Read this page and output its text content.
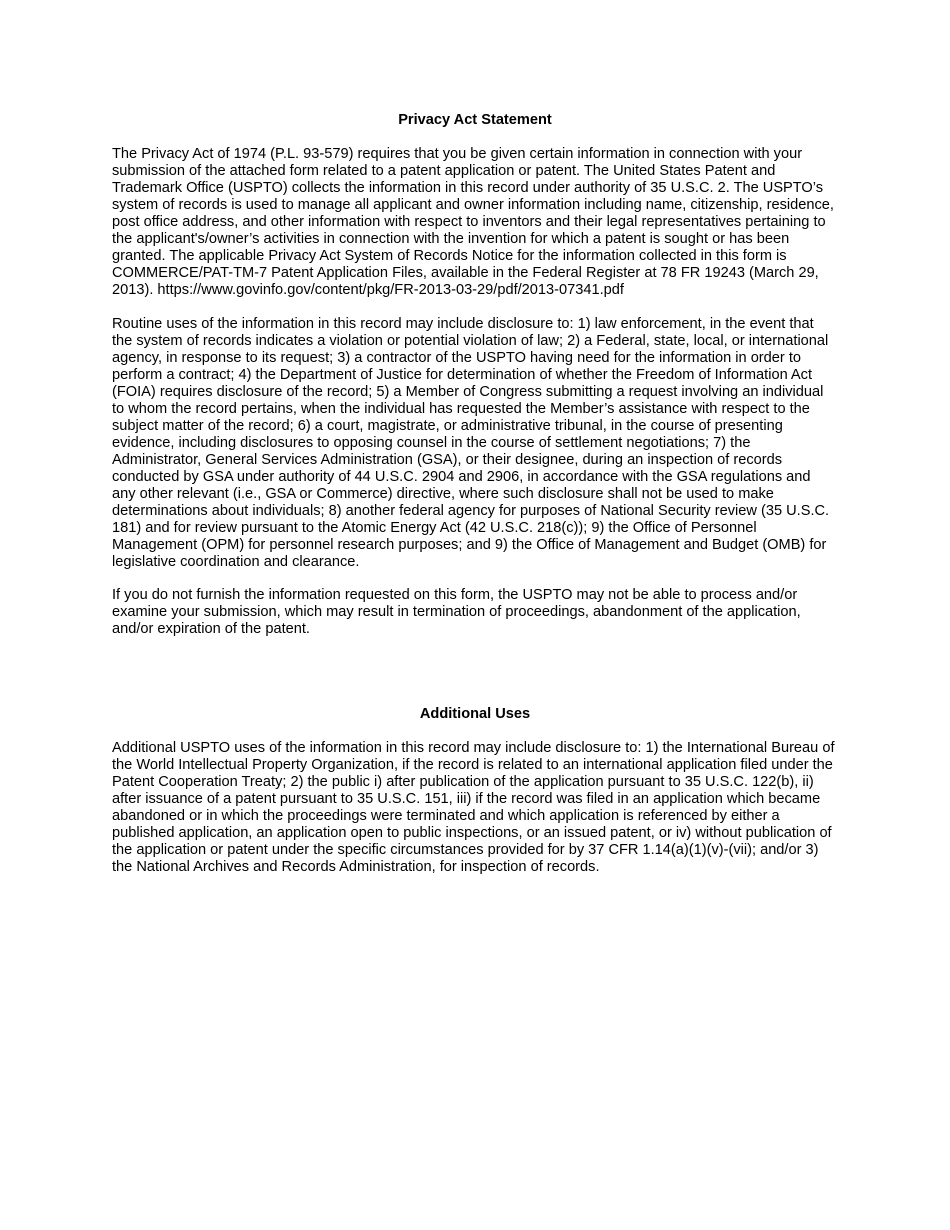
Privacy Act Statement

The Privacy Act of 1974 (P.L. 93-579) requires that you be given certain information in connection with your submission of the attached form related to a patent application or patent. The United States Patent and Trademark Office (USPTO) collects the information in this record under authority of 35 U.S.C. 2. The USPTO’s system of records is used to manage all applicant and owner information including name, citizenship, residence, post office address, and other information with respect to inventors and their legal representatives pertaining to the applicant's/owner’s activities in connection with the invention for which a patent is sought or has been granted. The applicable Privacy Act System of Records Notice for the information collected in this form is COMMERCE/PAT-TM-7 Patent Application Files, available in the Federal Register at 78 FR 19243 (March 29, 2013). https://www.govinfo.gov/content/pkg/FR-2013-03-29/pdf/2013-07341.pdf

Routine uses of the information in this record may include disclosure to: 1) law enforcement, in the event that the system of records indicates a violation or potential violation of law; 2) a Federal, state, local, or international agency, in response to its request; 3) a contractor of the USPTO having need for the information in order to perform a contract; 4) the Department of Justice for determination of whether the Freedom of Information Act (FOIA) requires disclosure of the record; 5) a Member of Congress submitting a request involving an individual to whom the record pertains, when the individual has requested the Member’s assistance with respect to the subject matter of the record; 6) a court, magistrate, or administrative tribunal, in the course of presenting evidence, including disclosures to opposing counsel in the course of settlement negotiations; 7) the Administrator, General Services Administration (GSA), or their designee, during an inspection of records conducted by GSA under authority of 44 U.S.C. 2904 and 2906, in accordance with the GSA regulations and any other relevant (i.e., GSA or Commerce) directive, where such disclosure shall not be used to make determinations about individuals; 8) another federal agency for purposes of National Security review (35 U.S.C. 181) and for review pursuant to the Atomic Energy Act (42 U.S.C. 218(c)); 9) the Office of Personnel Management (OPM) for personnel research purposes; and 9) the Office of Management and Budget (OMB) for legislative coordination and clearance.

If you do not furnish the information requested on this form, the USPTO may not be able to process and/or examine your submission, which may result in termination of proceedings, abandonment of the application, and/or expiration of the patent.

Additional Uses

Additional USPTO uses of the information in this record may include disclosure to: 1) the International Bureau of the World Intellectual Property Organization, if the record is related to an international application filed under the Patent Cooperation Treaty; 2) the public i) after publication of the application pursuant to 35 U.S.C. 122(b), ii) after issuance of a patent pursuant to 35 U.S.C. 151, iii) if the record was filed in an application which became abandoned or in which the proceedings were terminated and which application is referenced by either a published application, an application open to public inspections, or an issued patent, or iv) without publication of the application or patent under the specific circumstances provided for by 37 CFR 1.14(a)(1)(v)-(vii); and/or 3) the National Archives and Records Administration, for inspection of records.
